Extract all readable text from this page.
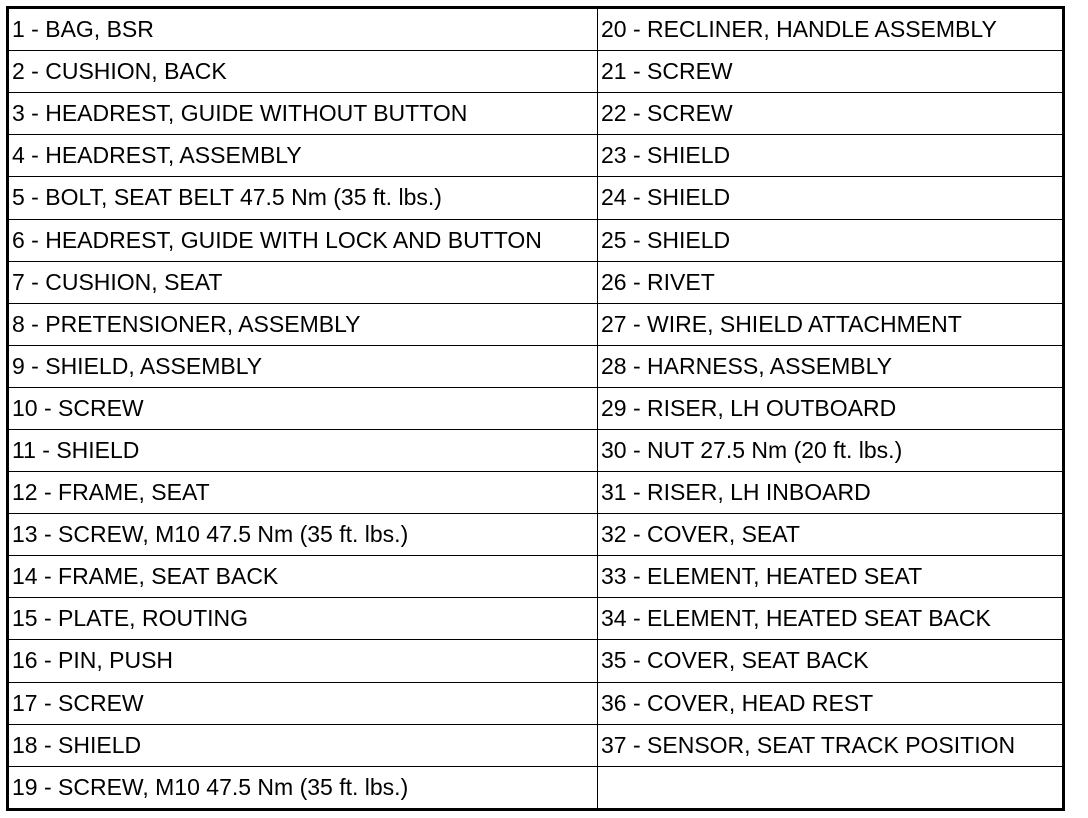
1 - BAG, BSR	20 - RECLINER, HANDLE ASSEMBLY
2 - CUSHION, BACK	21 - SCREW
3 - HEADREST, GUIDE WITHOUT BUTTON	22 - SCREW
4 - HEADREST, ASSEMBLY	23 - SHIELD
5 - BOLT, SEAT BELT 47.5 Nm (35 ft. lbs.)	24 - SHIELD
6 - HEADREST, GUIDE WITH LOCK AND BUTTON	25 - SHIELD
7 - CUSHION, SEAT	26 - RIVET
8 - PRETENSIONER, ASSEMBLY	27 - WIRE, SHIELD ATTACHMENT
9 - SHIELD, ASSEMBLY	28 - HARNESS, ASSEMBLY
10 - SCREW	29 - RISER, LH OUTBOARD
11 - SHIELD	30 - NUT 27.5 Nm (20 ft. lbs.)
12 - FRAME, SEAT	31 - RISER, LH INBOARD
13 - SCREW, M10 47.5 Nm (35 ft. lbs.)	32 - COVER, SEAT
14 - FRAME, SEAT BACK	33 - ELEMENT, HEATED SEAT
15 - PLATE, ROUTING	34 - ELEMENT, HEATED SEAT BACK
16 - PIN, PUSH	35 - COVER, SEAT BACK
17 - SCREW	36 - COVER, HEAD REST
18 - SHIELD	37 - SENSOR, SEAT TRACK POSITION
19 - SCREW, M10 47.5 Nm (35 ft. lbs.)	
